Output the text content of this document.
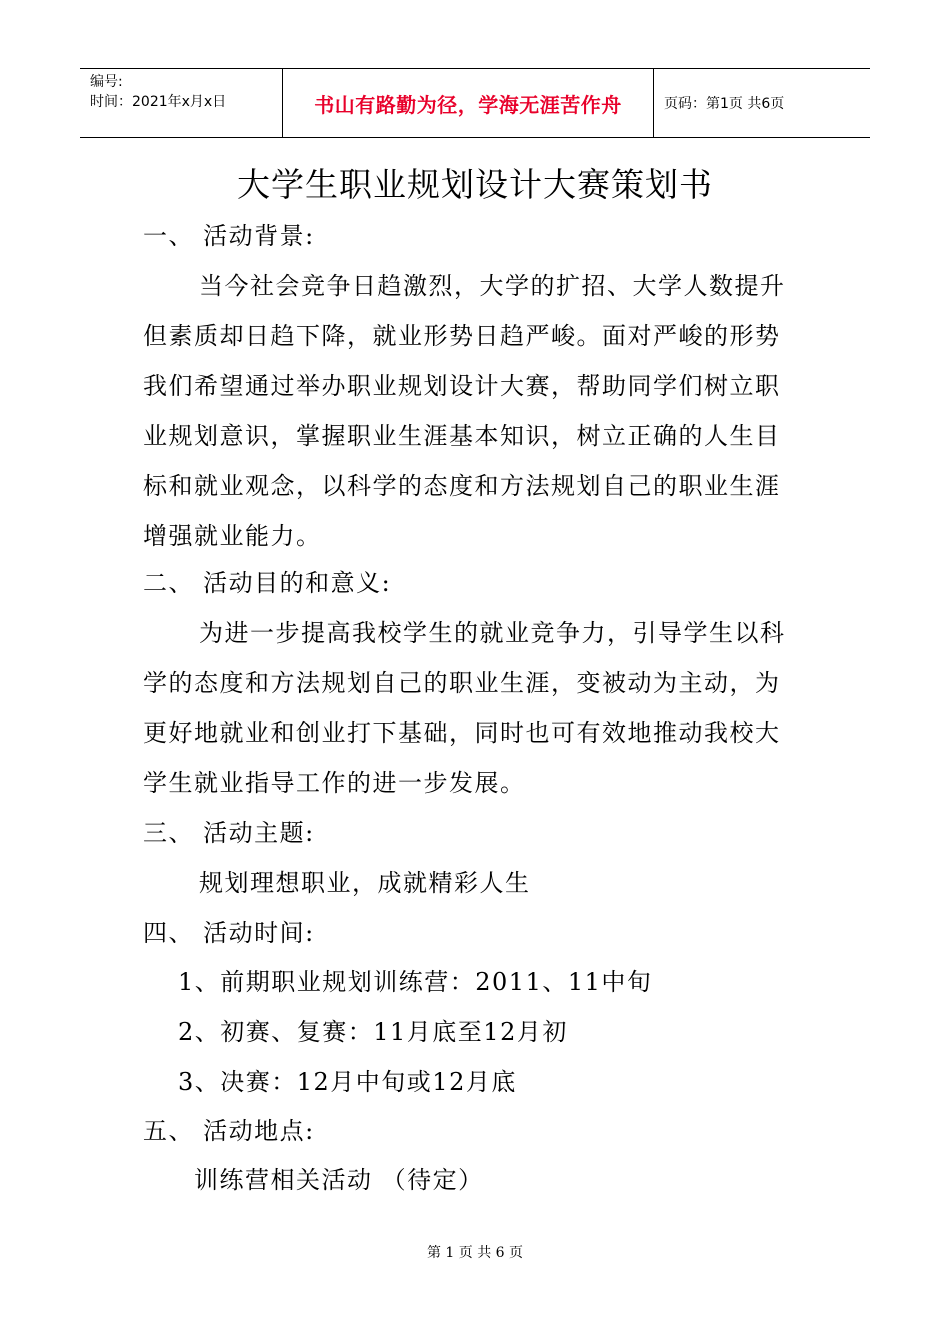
编号:
时间：2021年x月x日	书山有路勤为径，学海无涯苦作舟	页码：第1页 共6页
大学生职业规划设计大赛策划书
一、 活动背景:
当今社会竞争日趋激烈，大学的扩招、大学人数提升
但素质却日趋下降，就业形势日趋严峻。面对严峻的形势
我们希望通过举办职业规划设计大赛，帮助同学们树立职
业规划意识，掌握职业生涯基本知识，树立正确的人生目
标和就业观念，以科学的态度和方法规划自己的职业生涯
增强就业能力。
二、 活动目的和意义:
为进一步提高我校学生的就业竞争力，引导学生以科
学的态度和方法规划自己的职业生涯，变被动为主动，为
更好地就业和创业打下基础，同时也可有效地推动我校大
学生就业指导工作的进一步发展。
三、 活动主题:
规划理想职业，成就精彩人生
四、 活动时间:
1、前期职业规划训练营：2011、11中旬
2、初赛、复赛：11月底至12月初
3、决赛：12月中旬或12月底
五、 活动地点:
训练营相关活动 （待定）
第 1 页 共 6 页
